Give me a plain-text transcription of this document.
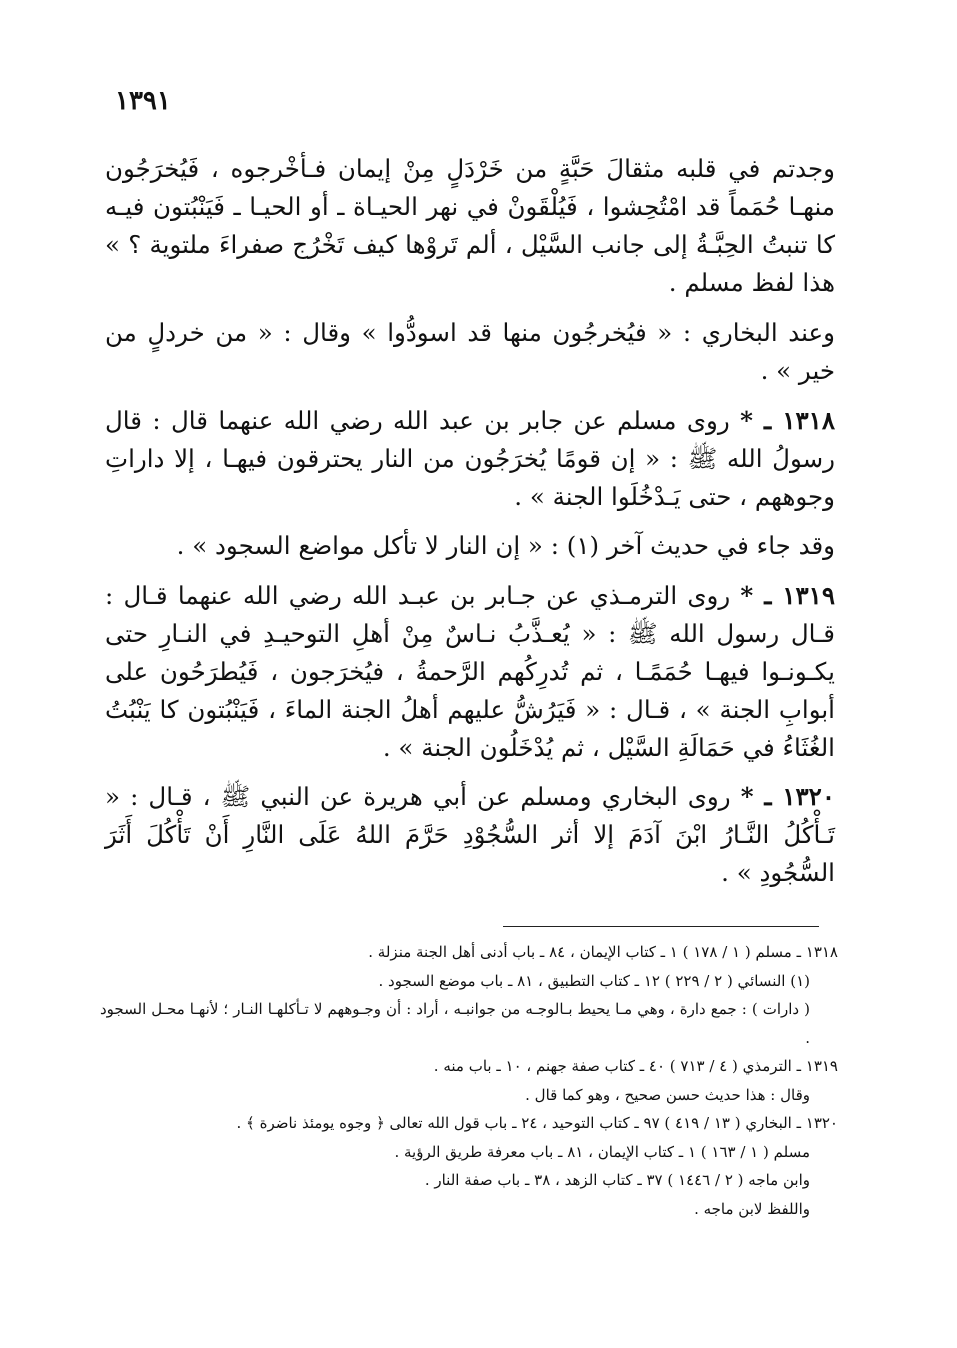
١٣٩١

وجدتم في قلبه مثقالَ حَبَّةٍ من خَرْدَلٍ مِنْ إيمان فـأخْرجوه ، فَيُخرَجُون منهـا حُمَماً قد امْتُحِشوا ، فَيُلْقَونْ في نهر الحيـاة ـ أو الحيـا ـ فَيَنْبُتون فيـه كا تنبتُ الحِبَّـةُ إلى جانب السَّيْل ، ألم تَروْها كيف تَخْرُج صفراءَ ملتوية ؟ » هذا لفظ مسلم .

وعند البخاري : « فيُخرجُون منها قد اسودُّوا » وقال : « من خردلٍ من خير » .

١٣١٨ ـ * روى مسلم عن جابر بن عبد الله رضي الله عنهما قال : قال رسولُ الله ﷺ : « إن قومًا يُخرَجُون من النار يحترقون فيهـا ، إلا داراتِ وجوههم ، حتى يَـدْخُلَوا الجنة » .

وقد جاء في حديث آخر (١) : « إن النار لا تأكل مواضع السجود » .

١٣١٩ ـ * روى الترمـذي عن جـابر بن عبـد الله رضي الله عنهما قـال : قـال رسول الله ﷺ : « يُعـذَّبُ نـاسٌ مِنْ أهلِ التوحيـدِ في النـارِ حتى يكـونـوا فيهـا حُمَمًـا ، ثم تُدرِكُهم الرَّحمةُ ، فيُخرَجون ، فَيُطرَحُون على أبوابِ الجنة » ، قـال : « فَيَرُشُّ عليهم أهلُ الجنة الماءَ ، فَيَنْبُتون كا يَنْبُتُ الغُثَاءُ في حَمَالَةِ السَّيْل ، ثم يُدْخَلُون الجنة » .

١٣٢٠ ـ * روى البخاري ومسلم عن أبي هريرة عن النبي ﷺ ، قـال : « تَـأْكُلُ النَّـارُ ابْنَ آدَمَ إلا أثر السُّجُوْدِ حَرَّمَ اللهُ عَلَى النَّارِ أَنْ تَأْكُلَ أَثَرَ السُّجُودِ » .

١٣١٨ ـ مسلم ( ١ / ١٧٨ ) ١ ـ كتاب الإيمان ، ٨٤ ـ باب أدنى أهل الجنة منزلة .

(١) النسائي ( ٢ / ٢٢٩ ) ١٢ ـ كتاب التطبيق ، ٨١ ـ باب موضع السجود .

( دارات ) : جمع دارة ، وهي مـا يحيط بـالوجـه من جوانبـه ، أراد : أن وجـوههم لا تـأكلهـا النـار ؛ لأنهـا محـل السجود .

١٣١٩ ـ الترمذي ( ٤ / ٧١٣ ) ٤٠ ـ كتاب صفة جهنم ، ١٠ ـ باب منه .

وقال : هذا حديث حسن صحيح ، وهو كما قال .

١٣٢٠ ـ البخاري ( ١٣ / ٤١٩ ) ٩٧ ـ كتاب التوحيد ، ٢٤ ـ باب قول الله تعالى ﴿ وجوه يومئذ ناضرة ﴾ .

مسلم ( ١ / ١٦٣ ) ١ ـ كتاب الإيمان ، ٨١ ـ باب معرفة طريق الرؤية .

وابن ماجه ( ٢ / ١٤٤٦ ) ٣٧ ـ كتاب الزهد ، ٣٨ ـ باب صفة النار .

واللفظ لابن ماجه .
